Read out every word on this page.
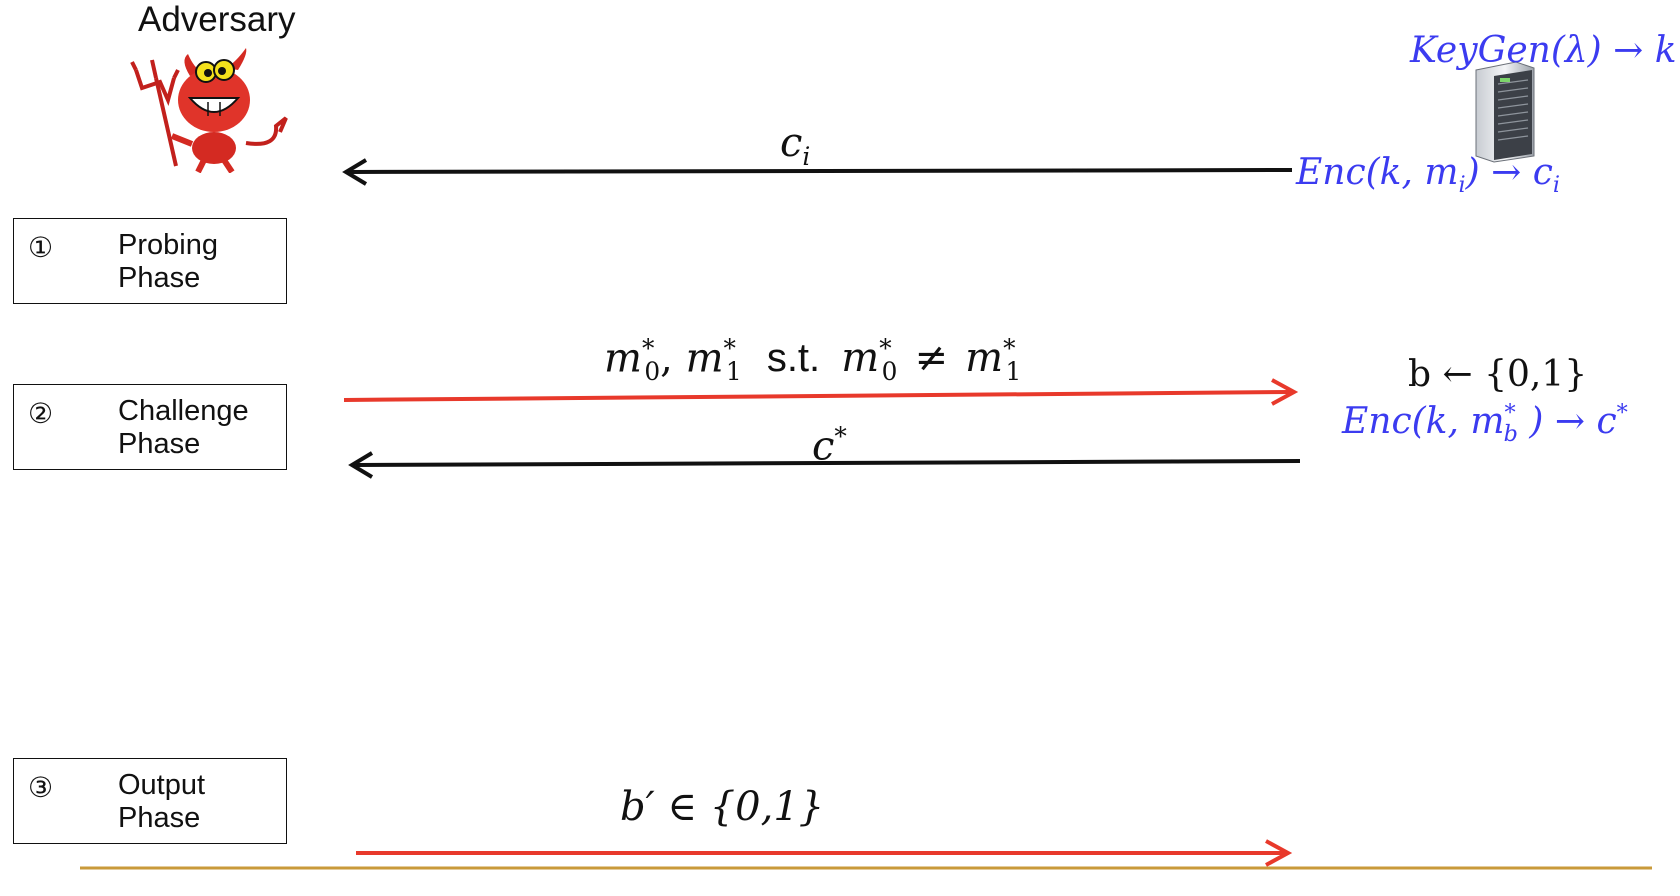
Adversary
KeyGen(λ) → k
Enc(k, $m_i) \to c_i$
b ← {0,1}
Enc(k, $m^*_b$ ) → c*
① Probing
Phase
② Challenge
Phase
③ Output
Phase
$c_i$
$m^*_0$, $m^*_1$ s.t. $m^*_0 \ne m^*_1$
c*
b′ ∈ {0,1}
